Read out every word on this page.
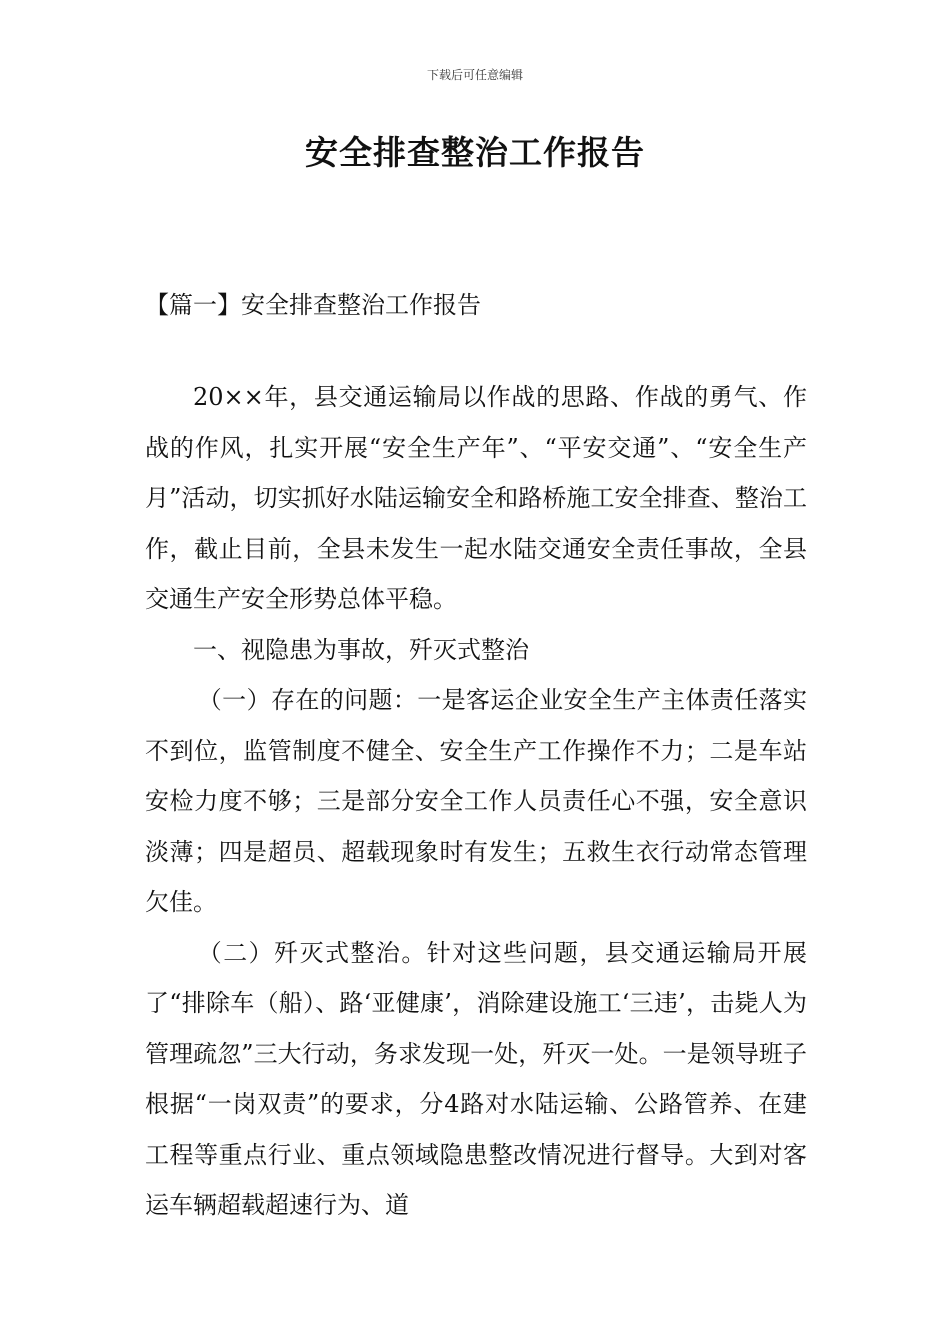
下载后可任意编辑
安全排查整治工作报告
【篇一】安全排查整治工作报告

20××年，县交通运输局以作战的思路、作战的勇气、作战的作风，扎实开展“安全生产年”、“平安交通”、“安全生产月”活动，切实抓好水陆运输安全和路桥施工安全排查、整治工作，截止目前，全县未发生一起水陆交通安全责任事故，全县交通生产安全形势总体平稳。

一、视隐患为事故，歼灭式整治

（一）存在的问题：一是客运企业安全生产主体责任落实不到位，监管制度不健全、安全生产工作操作不力；二是车站安检力度不够；三是部分安全工作人员责任心不强，安全意识淡薄；四是超员、超载现象时有发生；五救生衣行动常态管理欠佳。

（二）歼灭式整治。针对这些问题，县交通运输局开展了“排除车（船）、路‘亚健康’，消除建设施工‘三违’，击毙人为管理疏忽”三大行动，务求发现一处，歼灭一处。一是领导班子根据“一岗双责”的要求，分4路对水陆运输、公路管养、在建工程等重点行业、重点领域隐患整改情况进行督导。大到对客运车辆超载超速行为、道
